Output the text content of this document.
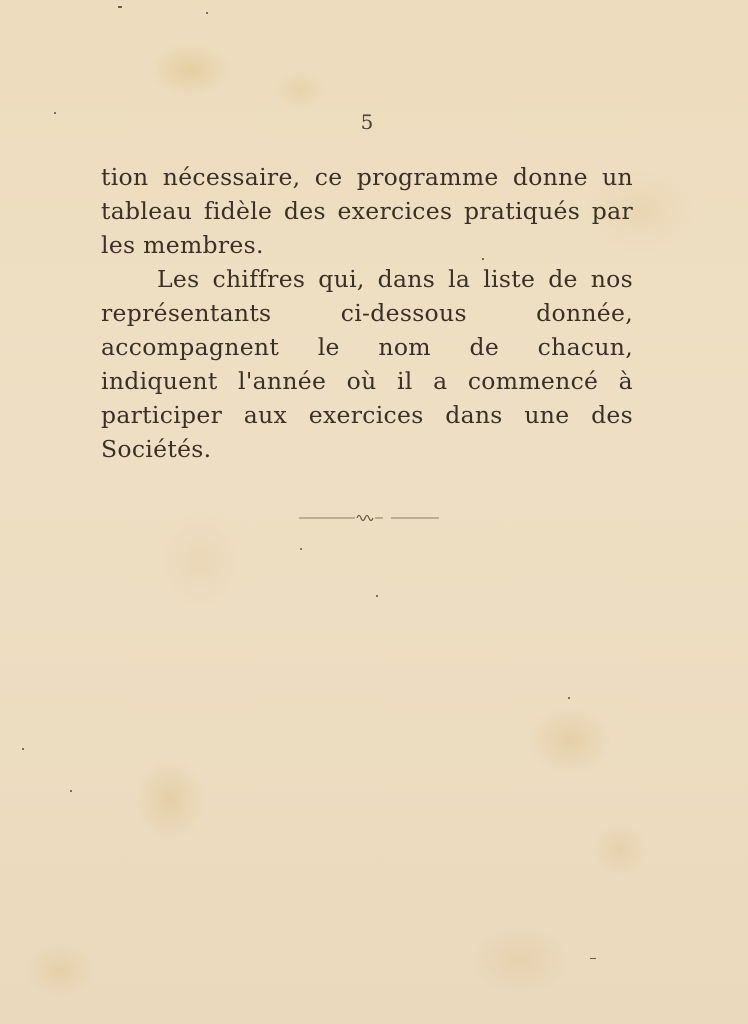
5

tion nécessaire, ce programme donne un tableau fidèle des exercices pratiqués par les membres.

Les chiffres qui, dans la liste de nos représentants ci-dessous donnée, accompagnent le nom de chacun, indiquent l'année où il a commencé à participer aux exercices dans une des Sociétés.
